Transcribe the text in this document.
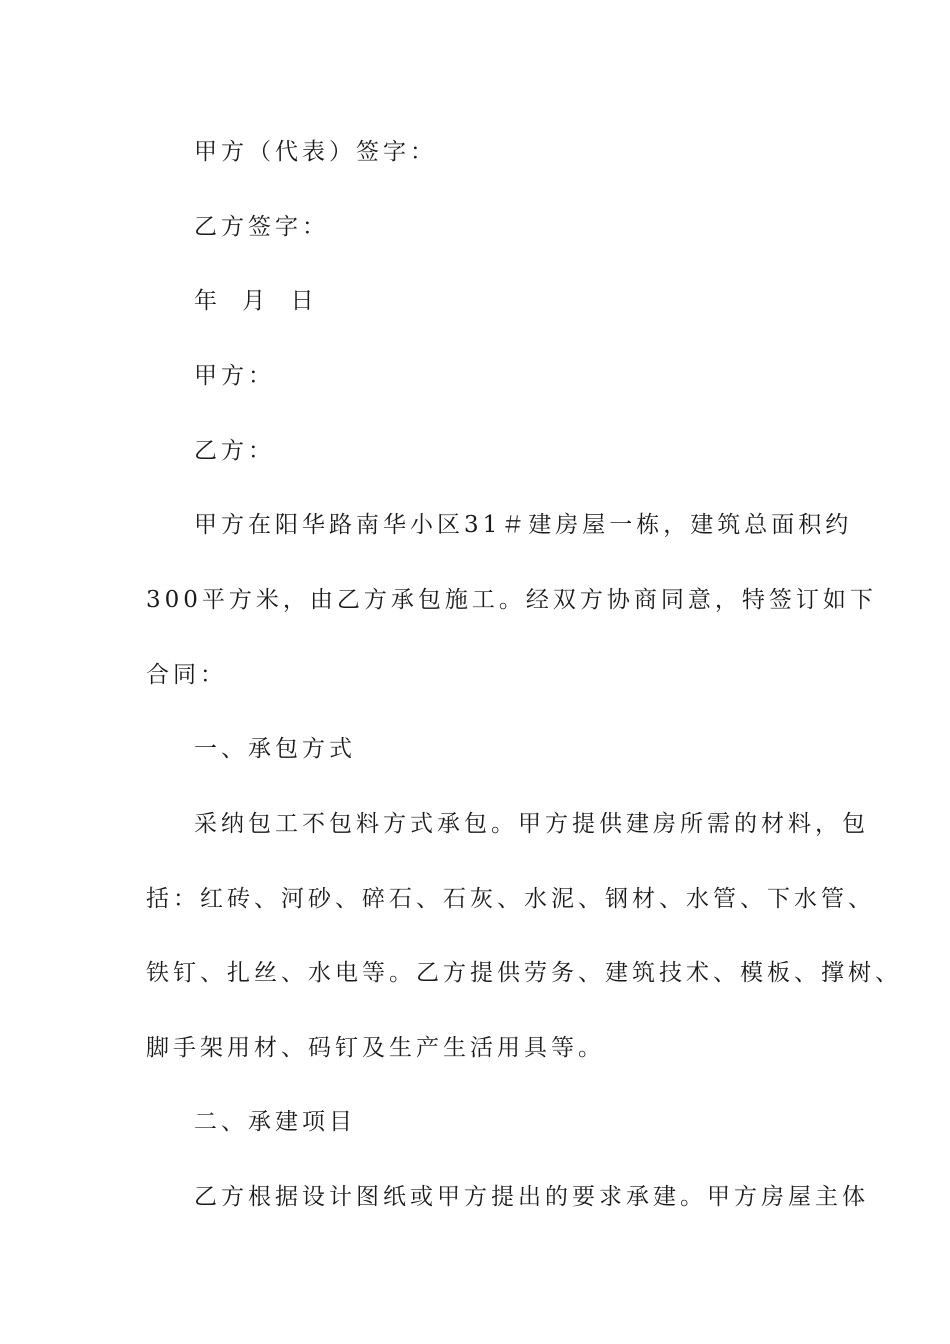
甲方（代表）签字：
乙方签字：
年 月 日
甲方：
乙方：
甲方在阳华路南华小区31＃建房屋一栋，建筑总面积约
300平方米，由乙方承包施工。经双方协商同意，特签订如下
合同：
一、承包方式
采纳包工不包料方式承包。甲方提供建房所需的材料，包
括：红砖、河砂、碎石、石灰、水泥、钢材、水管、下水管、
铁钉、扎丝、水电等。乙方提供劳务、建筑技术、模板、撑树、
脚手架用材、码钉及生产生活用具等。
二、承建项目
乙方根据设计图纸或甲方提出的要求承建。甲方房屋主体
